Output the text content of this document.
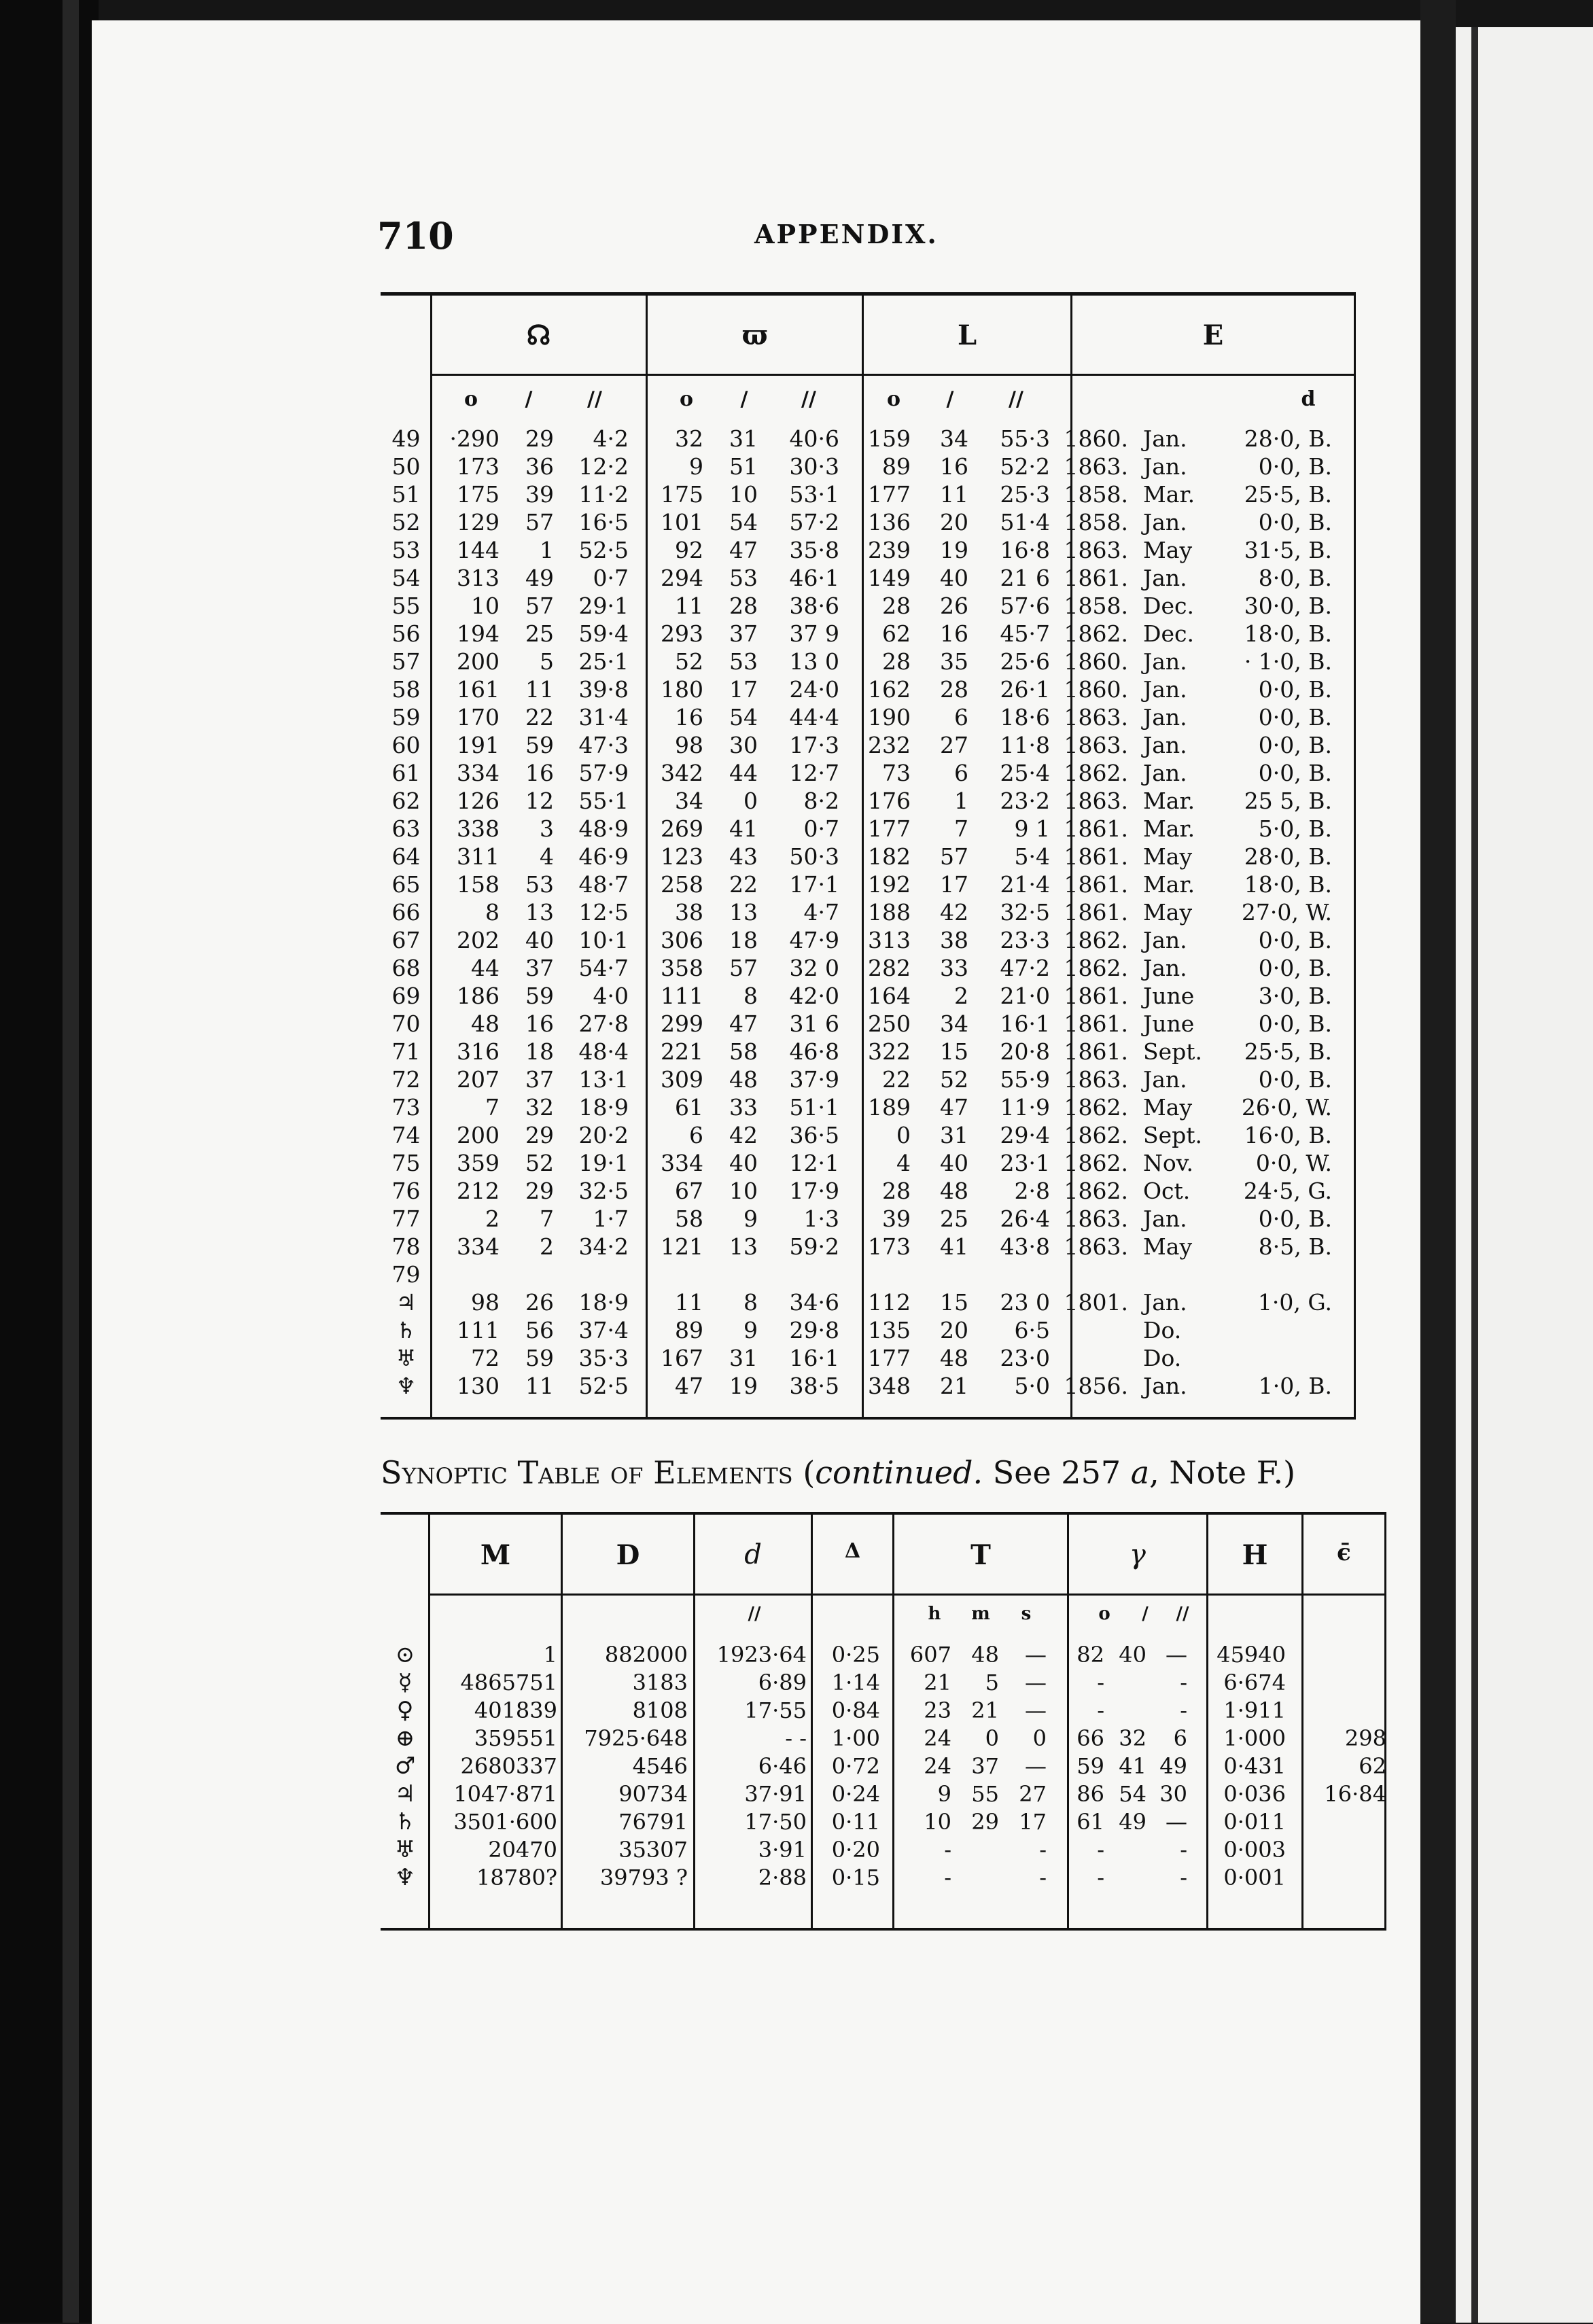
710	APPENDIX.
☊	ϖ	L	E
o	/	//	o	/	//	o	/	//	d
49	·290	29	4·2	32	31	40·6	159	34	55·3	1860.	Jan.	28·0, B.
50	173	36	12·2	9	51	30·3	89	16	52·2	1863.	Jan.	0·0, B.
51	175	39	11·2	175	10	53·1	177	11	25·3	1858.	Mar.	25·5, B.
52	129	57	16·5	101	54	57·2	136	20	51·4	1858.	Jan.	0·0, B.
53	144	1	52·5	92	47	35·8	239	19	16·8	1863.	May	31·5, B.
54	313	49	0·7	294	53	46·1	149	40	21 6	1861.	Jan.	8·0, B.
55	10	57	29·1	11	28	38·6	28	26	57·6	1858.	Dec.	30·0, B.
56	194	25	59·4	293	37	37 9	62	16	45·7	1862.	Dec.	18·0, B.
57	200	5	25·1	52	53	13 0	28	35	25·6	1860.	Jan.	· 1·0, B.
58	161	11	39·8	180	17	24·0	162	28	26·1	1860.	Jan.	0·0, B.
59	170	22	31·4	16	54	44·4	190	6	18·6	1863.	Jan.	0·0, B.
60	191	59	47·3	98	30	17·3	232	27	11·8	1863.	Jan.	0·0, B.
61	334	16	57·9	342	44	12·7	73	6	25·4	1862.	Jan.	0·0, B.
62	126	12	55·1	34	0	8·2	176	1	23·2	1863.	Mar.	25 5, B.
63	338	3	48·9	269	41	0·7	177	7	9 1	1861.	Mar.	5·0, B.
64	311	4	46·9	123	43	50·3	182	57	5·4	1861.	May	28·0, B.
65	158	53	48·7	258	22	17·1	192	17	21·4	1861.	Mar.	18·0, B.
66	8	13	12·5	38	13	4·7	188	42	32·5	1861.	May	27·0, W.
67	202	40	10·1	306	18	47·9	313	38	23·3	1862.	Jan.	0·0, B.
68	44	37	54·7	358	57	32 0	282	33	47·2	1862.	Jan.	0·0, B.
69	186	59	4·0	111	8	42·0	164	2	21·0	1861.	June	3·0, B.
70	48	16	27·8	299	47	31 6	250	34	16·1	1861.	June	0·0, B.
71	316	18	48·4	221	58	46·8	322	15	20·8	1861.	Sept.	25·5, B.
72	207	37	13·1	309	48	37·9	22	52	55·9	1863.	Jan.	0·0, B.
73	7	32	18·9	61	33	51·1	189	47	11·9	1862.	May	26·0, W.
74	200	29	20·2	6	42	36·5	0	31	29·4	1862.	Sept.	16·0, B.
75	359	52	19·1	334	40	12·1	4	40	23·1	1862.	Nov.	0·0, W.
76	212	29	32·5	67	10	17·9	28	48	2·8	1862.	Oct.	24·5, G.
77	2	7	1·7	58	9	1·3	39	25	26·4	1863.	Jan.	0·0, B.
78	334	2	34·2	121	13	59·2	173	41	43·8	1863.	May	8·5, B.
79												
♃	98	26	18·9	11	8	34·6	112	15	23 0	1801.	Jan.	1·0, G.
♄	111	56	37·4	89	9	29·8	135	20	6·5		Do.	
♅	72	59	35·3	167	31	16·1	177	48	23·0		Do.	
♆	130	11	52·5	47	19	38·5	348	21	5·0	1856.	Jan.	1·0, B.
Synoptic Table of Elements (continued. See 257 a, Note F.)
M	D	d	Δ	T	γ	H	ϵ̄
//	h	m	s	o	/	//
⊙	1	882000	1923·64	0·25	607	48	—	82	40	—	45940	
☿	4865751	3183	6·89	1·14	21	5	—	-		-	6·674	
♀	401839	8108	17·55	0·84	23	21	—	-		-	1·911	
⊕	359551	7925·648	- -	1·00	24	0	0	66	32	6	1·000	298
♂	2680337	4546	6·46	0·72	24	37	—	59	41	49	0·431	62
♃	1047·871	90734	37·91	0·24	9	55	27	86	54	30	0·036	16·84
♄	3501·600	76791	17·50	0·11	10	29	17	61	49	—	0·011	
♅	20470	35307	3·91	0·20	-		-	-		-	0·003	
♆	18780?	39793 ?	2·88	0·15	-		-	-		-	0·001	
